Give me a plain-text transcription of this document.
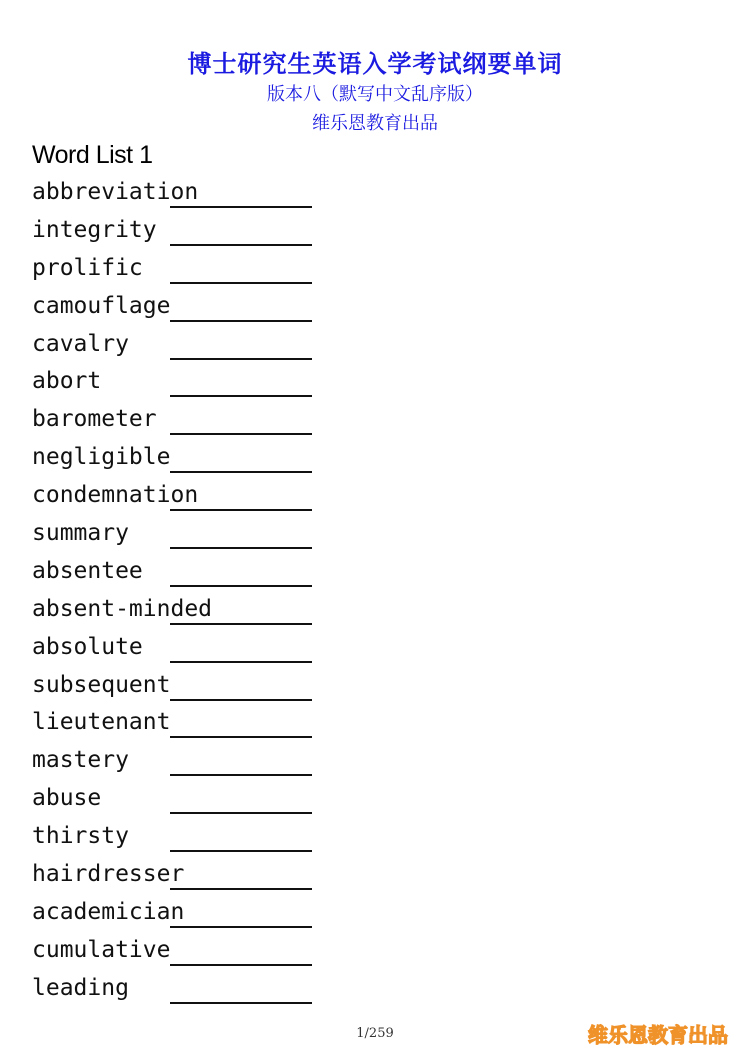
博士研究生英语入学考试纲要单词
版本八（默写中文乱序版）
维乐恩教育出品
Word List 1
abbreviation
integrity
prolific
camouflage
cavalry
abort
barometer
negligible
condemnation
summary
absentee
absent-minded
absolute
subsequent
lieutenant
mastery
abuse
thirsty
hairdresser
academician
cumulative
leading
1/259	维乐恩教育出品
